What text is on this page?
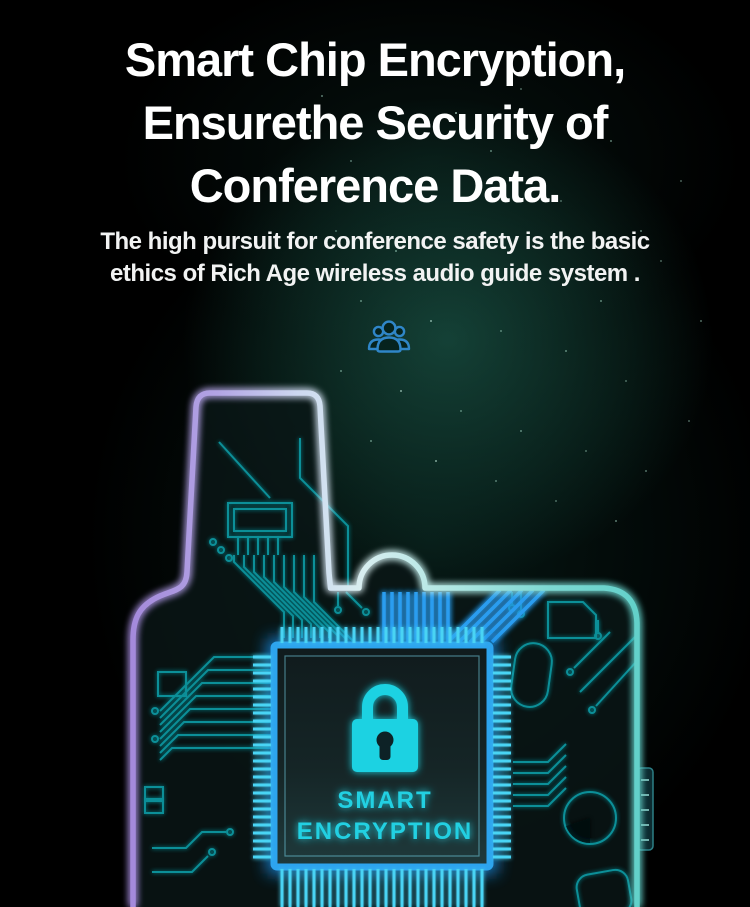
Smart Chip Encryption,
Ensurethe Security of
Conference Data.

The high pursuit for conference safety is the basic
ethics of Rich Age wireless audio guide system .

SMART
ENCRYPTION
